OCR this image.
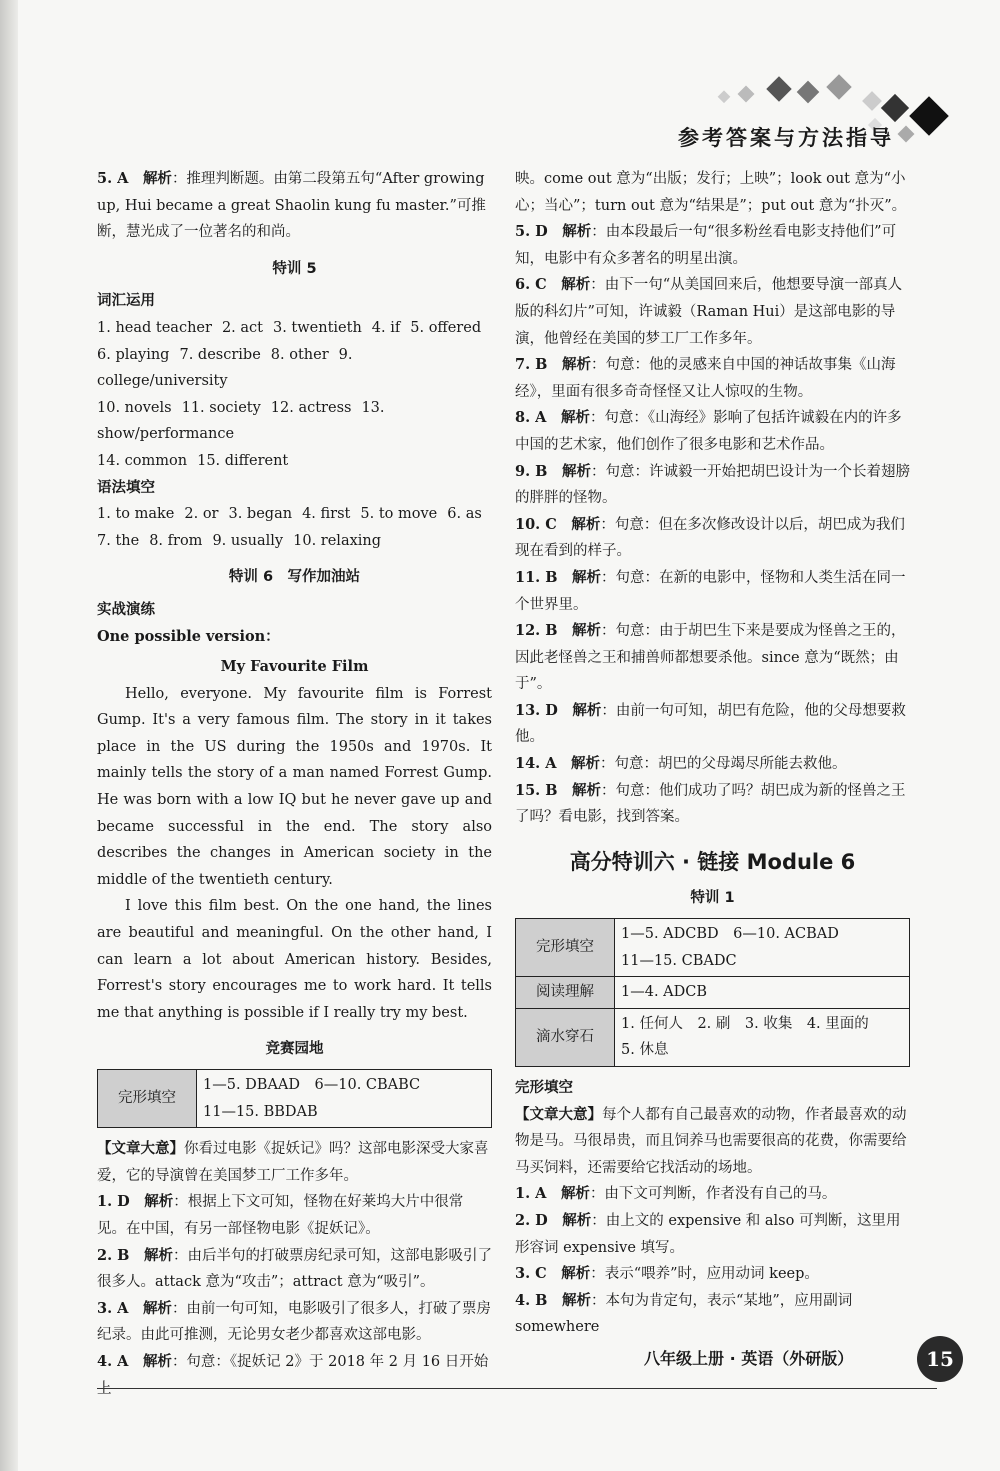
参考答案与方法指导

5. A　 解析：推理判断题。由第二段第五句“After growing up, Hui became a great Shaolin kung fu master.”可推断，慧光成了一位著名的和尚。

特训 5
词汇运用
1. head teacher 2. act 3. twentieth 4. if 5. offered
6. playing 7. describe 8. other 9. college/university
10. novels 11. society 12. actress 13. show/performance
14. common 15. different
语法填空
1. to make 2. or 3. began 4. first 5. to move 6. as
7. the 8. from 9. usually 10. relaxing
特训 6　写作加油站
实战演练
One possible version：
My Favourite Film

Hello, everyone. My favourite film is Forrest Gump. It's a very famous film. The story in it takes place in the US during the 1950s and 1970s. It mainly tells the story of a man named Forrest Gump. He was born with a low IQ but he never gave up and became successful in the end. The story also describes the changes in American society in the middle of the twentieth century.

I love this film best. On the one hand, the lines are beautiful and meaningful. On the other hand, I can learn a lot about American history. Besides, Forrest's story encourages me to work hard. It tells me that anything is possible if I really try my best.

竞赛园地
完形填空	1—5. DBAAD　6—10. CBABC
11—15. BBDAB

【文章大意】你看过电影《捉妖记》吗？这部电影深受大家喜爱，它的导演曾在美国梦工厂工作多年。

1. D　 解析：根据上下文可知，怪物在好莱坞大片中很常见。在中国，有另一部怪物电影《捉妖记》。

2. B　 解析：由后半句的打破票房纪录可知，这部电影吸引了很多人。attack 意为“攻击”；attract 意为“吸引”。

3. A　 解析：由前一句可知，电影吸引了很多人，打破了票房纪录。由此可推测，无论男女老少都喜欢这部电影。

4. A　 解析：句意：《捉妖记 2》于 2018 年 2 月 16 日开始上

映。come out 意为“出版；发行；上映”；look out 意为“小心；当心”；turn out 意为“结果是”；put out 意为“扑灭”。

5. D　 解析：由本段最后一句“很多粉丝看电影支持他们”可知，电影中有众多著名的明星出演。

6. C　 解析：由下一句“从美国回来后，他想要导演一部真人版的科幻片”可知，许诚毅（Raman Hui）是这部电影的导演，他曾经在美国的梦工厂工作多年。

7. B　 解析：句意：他的灵感来自中国的神话故事集《山海经》，里面有很多奇奇怪怪又让人惊叹的生物。

8. A　 解析：句意：《山海经》影响了包括许诚毅在内的许多中国的艺术家，他们创作了很多电影和艺术作品。

9. B　 解析：句意：许诚毅一开始把胡巴设计为一个长着翅膀的胖胖的怪物。

10. C　 解析：句意：但在多次修改设计以后，胡巴成为我们现在看到的样子。

11. B　 解析：句意：在新的电影中，怪物和人类生活在同一个世界里。

12. B　 解析：句意：由于胡巴生下来是要成为怪兽之王的，因此老怪兽之王和捕兽师都想要杀他。since 意为“既然；由于”。

13. D　 解析：由前一句可知，胡巴有危险，他的父母想要救他。

14. A　 解析：句意：胡巴的父母竭尽所能去救他。

15. B　 解析：句意：他们成功了吗？胡巴成为新的怪兽之王了吗？看电影，找到答案。

高分特训六 · 链接 Module 6
特训 1
完形填空	1—5. ADCBD　6—10. ACBAD
11—15. CBADC
阅读理解	1—4. ADCB
滴水穿石	1. 任何人　2. 刷　3. 收集　4. 里面的
5. 休息
完形填空

【文章大意】每个人都有自己最喜欢的动物，作者最喜欢的动物是马。马很昂贵，而且饲养马也需要很高的花费，你需要给马买饲料，还需要给它找活动的场地。

1. A　 解析：由下文可判断，作者没有自己的马。

2. D　 解析：由上文的 expensive 和 also 可判断，这里用形容词 expensive 填写。

3. C　 解析：表示“喂养”时，应用动词 keep。

4. B　 解析：本句为肯定句，表示“某地”，应用副词 somewhere

八年级上册 · 英语（外研版）	15
